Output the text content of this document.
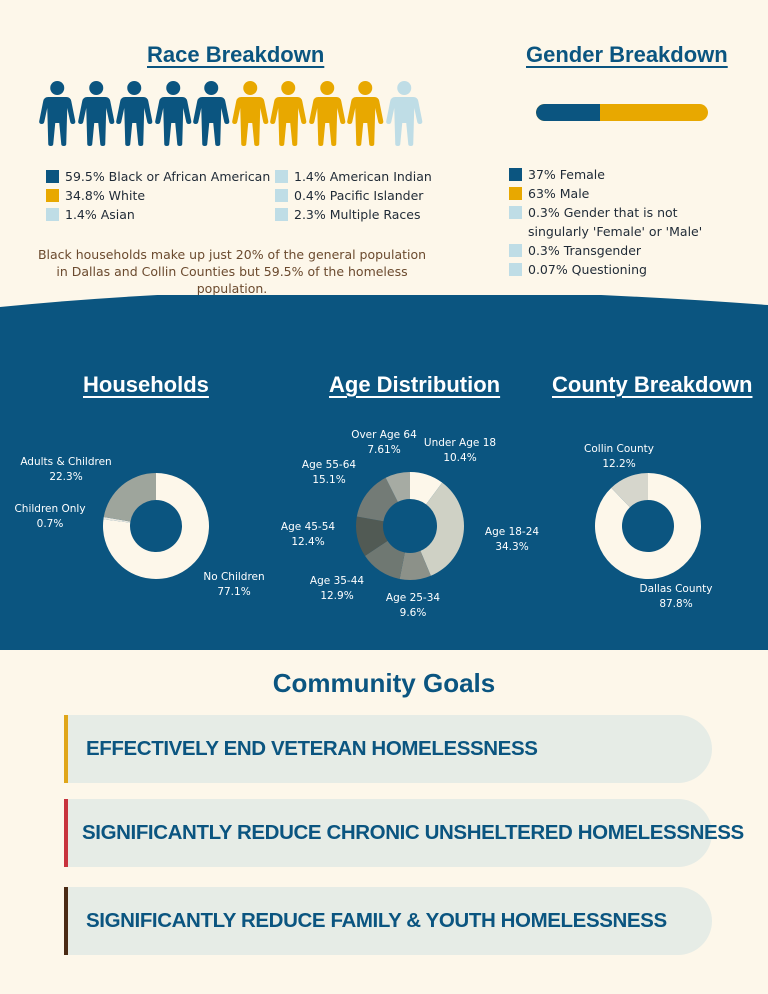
Race Breakdown	Gender Breakdown
59.5% Black or African American
34.8% White
1.4% Asian
1.4% American Indian
0.4% Pacific Islander
2.3% Multiple Races
Black households make up just 20% of the general population in Dallas and Collin Counties but 59.5% of the homeless population.
37% Female
63% Male
0.3% Gender that is not singularly 'Female' or 'Male'
0.3% Transgender
0.07% Questioning
Households	Age Distribution County Breakdown
Adults & Children
22.3%
Children Only
0.7%
No Children
77.1%
Over Age 64
7.61%
Under Age 18
10.4%
Age 55-64
15.1%
Age 45-54
12.4%
Age 18-24
34.3%
Age 35-44
12.9%	Age 25-34
9.6%
Collin County
12.2%
Dallas County
87.8%
Community Goals
EFFECTIVELY END VETERAN HOMELESSNESS
SIGNIFICANTLY REDUCE CHRONIC UNSHELTERED HOMELESSNESS
SIGNIFICANTLY REDUCE FAMILY & YOUTH HOMELESSNESS
